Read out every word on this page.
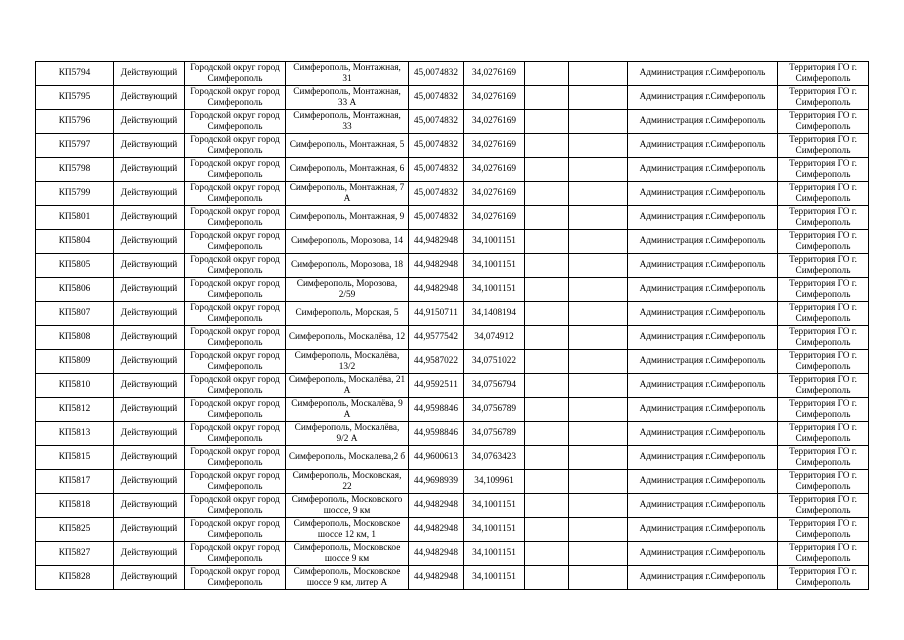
КП5794	Действующий	Городской округ город Симферополь	Симферополь, Монтажная, 31	45,0074832	34,0276169			Администрация г.Симферополь	Территория ГО г. Симферополь
КП5795	Действующий	Городской округ город Симферополь	Симферополь, Монтажная, 33 А	45,0074832	34,0276169			Администрация г.Симферополь	Территория ГО г. Симферополь
КП5796	Действующий	Городской округ город Симферополь	Симферополь, Монтажная, 33	45,0074832	34,0276169			Администрация г.Симферополь	Территория ГО г. Симферополь
КП5797	Действующий	Городской округ город Симферополь	Симферополь, Монтажная, 5	45,0074832	34,0276169			Администрация г.Симферополь	Территория ГО г. Симферополь
КП5798	Действующий	Городской округ город Симферополь	Симферополь, Монтажная, 6	45,0074832	34,0276169			Администрация г.Симферополь	Территория ГО г. Симферополь
КП5799	Действующий	Городской округ город Симферополь	Симферополь, Монтажная, 7 А	45,0074832	34,0276169			Администрация г.Симферополь	Территория ГО г. Симферополь
КП5801	Действующий	Городской округ город Симферополь	Симферополь, Монтажная, 9	45,0074832	34,0276169			Администрация г.Симферополь	Территория ГО г. Симферополь
КП5804	Действующий	Городской округ город Симферополь	Симферополь, Морозова, 14	44,9482948	34,1001151			Администрация г.Симферополь	Территория ГО г. Симферополь
КП5805	Действующий	Городской округ город Симферополь	Симферополь, Морозова, 18	44,9482948	34,1001151			Администрация г.Симферополь	Территория ГО г. Симферополь
КП5806	Действующий	Городской округ город Симферополь	Симферополь, Морозова, 2/59	44,9482948	34,1001151			Администрация г.Симферополь	Территория ГО г. Симферополь
КП5807	Действующий	Городской округ город Симферополь	Симферополь, Морская, 5	44,9150711	34,1408194			Администрация г.Симферополь	Территория ГО г. Симферополь
КП5808	Действующий	Городской округ город Симферополь	Симферополь, Москалёва, 12	44,9577542	34,074912			Администрация г.Симферополь	Территория ГО г. Симферополь
КП5809	Действующий	Городской округ город Симферополь	Симферополь, Москалёва, 13/2	44,9587022	34,0751022			Администрация г.Симферополь	Территория ГО г. Симферополь
КП5810	Действующий	Городской округ город Симферополь	Симферополь, Москалёва, 21 А	44,9592511	34,0756794			Администрация г.Симферополь	Территория ГО г. Симферополь
КП5812	Действующий	Городской округ город Симферополь	Симферополь, Москалёва, 9 А	44,9598846	34,0756789			Администрация г.Симферополь	Территория ГО г. Симферополь
КП5813	Действующий	Городской округ город Симферополь	Симферополь, Москалёва, 9/2 А	44,9598846	34,0756789			Администрация г.Симферополь	Территория ГО г. Симферополь
КП5815	Действующий	Городской округ город Симферополь	Симферополь, Москалева,2 б	44,9600613	34,0763423			Администрация г.Симферополь	Территория ГО г. Симферополь
КП5817	Действующий	Городской округ город Симферополь	Симферополь, Московская, 22	44,9698939	34,109961			Администрация г.Симферополь	Территория ГО г. Симферополь
КП5818	Действующий	Городской округ город Симферополь	Симферополь, Московского шоссе, 9 км	44,9482948	34,1001151			Администрация г.Симферополь	Территория ГО г. Симферополь
КП5825	Действующий	Городской округ город Симферополь	Симферополь, Московское шоссе 12 км, 1	44,9482948	34,1001151			Администрация г.Симферополь	Территория ГО г. Симферополь
КП5827	Действующий	Городской округ город Симферополь	Симферополь, Московское шоссе 9 км	44,9482948	34,1001151			Администрация г.Симферополь	Территория ГО г. Симферополь
КП5828	Действующий	Городской округ город Симферополь	Симферополь, Московское шоссе 9 км, литер А	44,9482948	34,1001151			Администрация г.Симферополь	Территория ГО г. Симферополь
